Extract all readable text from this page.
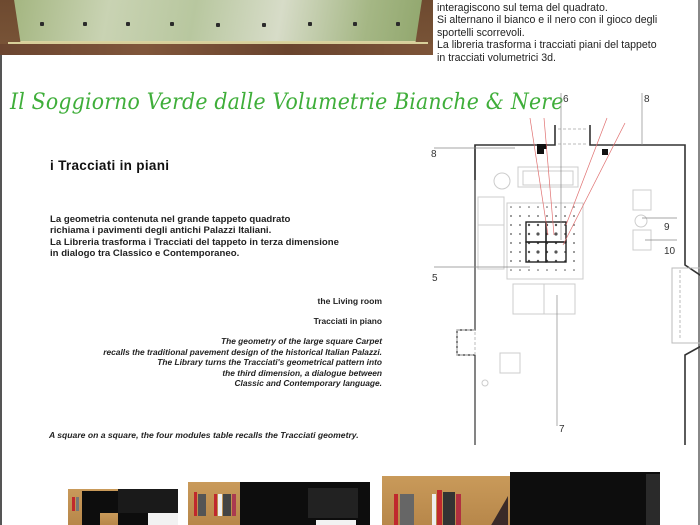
interagiscono sul tema del quadrato.
Si alternano il bianco e il nero con il gioco degli
sportelli scorrevoli.
La libreria trasforma i tracciati piani del tappeto
in tracciati volumetrici 3d.
Il Soggiorno Verde dalle Volumetrie Bianche & Nere
i Tracciati in piani
La geometria contenuta nel grande tappeto quadrato
richiama i pavimenti degli antichi Palazzi Italiani.
La Libreria trasforma i Tracciati del tappeto in terza dimensione
in dialogo tra Classico e Contemporaneo.
the Living room
Tracciati in piano
The geometry of the large square Carpet
recalls the traditional pavement design of the historical Italian Palazzi.
The Library turns the Tracciati's geometrical pattern into
the third dimension, a dialogue between
Classic and Contemporary language.
A square on a square, the four modules table recalls the Tracciati geometry.
6	8
8
9
10
5
7
